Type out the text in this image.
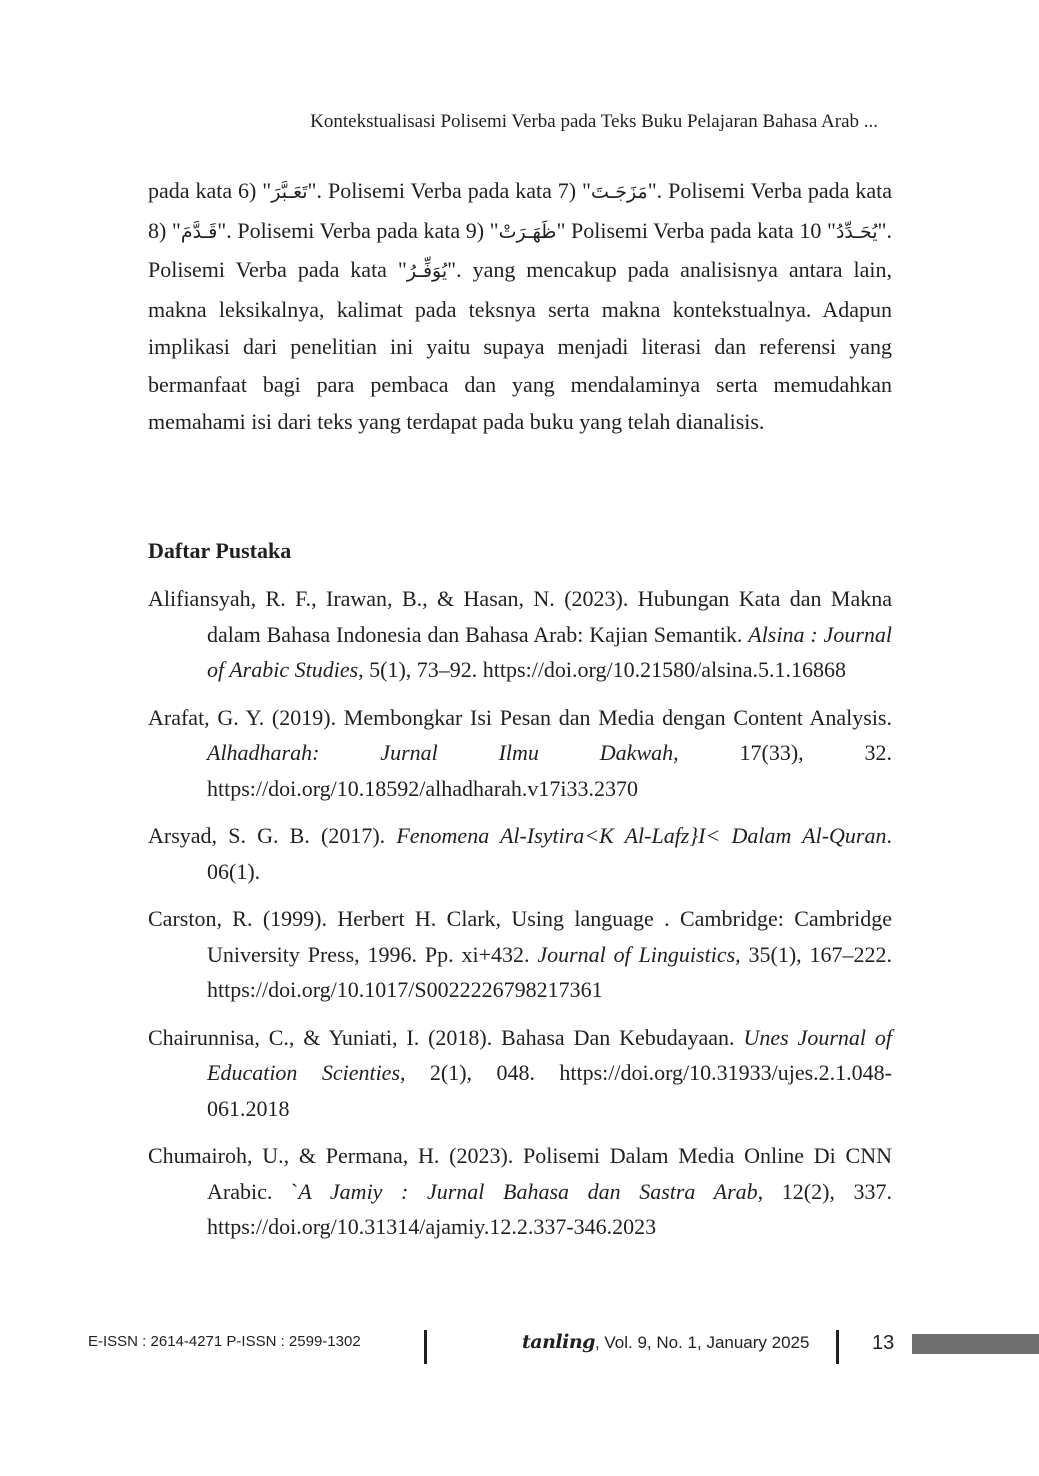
Kontekstualisasi Polisemi Verba pada Teks Buku Pelajaran Bahasa Arab ...

pada kata 6) "تَعَـبَّرَ". Polisemi Verba pada kata 7) "مَزَجَـتَ". Polisemi Verba pada kata 8) "قَـدَّمَ". Polisemi Verba pada kata 9) "ظَهَـرَتْ" Polisemi Verba pada kata 10 "يُحَـدِّدُ". Polisemi Verba pada kata "يُوَفِّـرُ". yang mencakup pada analisisnya antara lain, makna leksikalnya, kalimat pada teksnya serta makna kontekstualnya. Adapun implikasi dari penelitian ini yaitu supaya menjadi literasi dan referensi yang bermanfaat bagi para pembaca dan yang mendalaminya serta memudahkan memahami isi dari teks yang terdapat pada buku yang telah dianalisis.

Daftar Pustaka

Alifiansyah, R. F., Irawan, B., & Hasan, N. (2023). Hubungan Kata dan Makna dalam Bahasa Indonesia dan Bahasa Arab: Kajian Semantik. Alsina : Journal of Arabic Studies, 5(1), 73–92. https://doi.org/10.21580/alsina.5.1.16868

Arafat, G. Y. (2019). Membongkar Isi Pesan dan Media dengan Content Analysis. Alhadharah: Jurnal Ilmu Dakwah, 17(33), 32. https://doi.org/10.18592/alhadharah.v17i33.2370

Arsyad, S. G. B. (2017). Fenomena Al-Isytira<K Al-Lafz}I< Dalam Al-Quran. 06(1).

Carston, R. (1999). Herbert H. Clark, Using language . Cambridge: Cambridge University Press, 1996. Pp. xi+432. Journal of Linguistics, 35(1), 167–222. https://doi.org/10.1017/S0022226798217361

Chairunnisa, C., & Yuniati, I. (2018). Bahasa Dan Kebudayaan. Unes Journal of Education Scienties, 2(1), 048. https://doi.org/10.31933/ujes.2.1.048-061.2018

Chumairoh, U., & Permana, H. (2023). Polisemi Dalam Media Online Di CNN Arabic. `A Jamiy : Jurnal Bahasa dan Sastra Arab, 12(2), 337. https://doi.org/10.31314/ajamiy.12.2.337-346.2023

E-ISSN : 2614-4271 P-ISSN : 2599-1302	tanling, Vol. 9, No. 1, January 2025	13
